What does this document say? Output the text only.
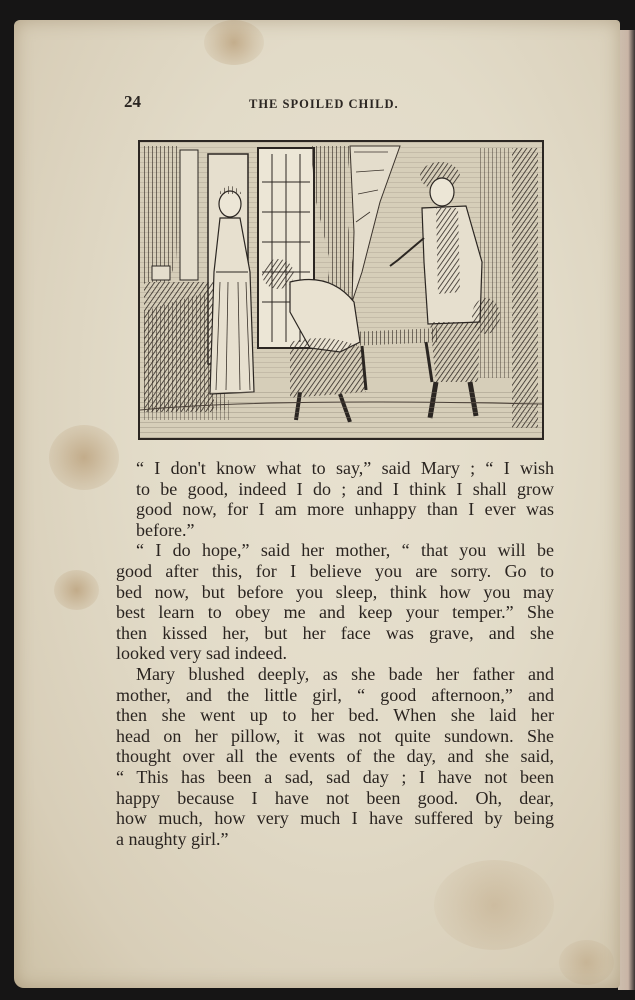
24	THE SPOILED CHILD.

“ I don't know what to say,” said Mary ; “ I wish
to be good, indeed I do ; and I think I shall grow
good now, for I am more unhappy than I ever was
before.”

“ I do hope,” said her mother, “ that you will be
good after this, for I believe you are sorry. Go to
bed now, but before you sleep, think how you may
best learn to obey me and keep your temper.” She
then kissed her, but her face was grave, and she
looked very sad indeed.

Mary blushed deeply, as she bade her father and
mother, and the little girl, “ good afternoon,” and
then she went up to her bed. When she laid her
head on her pillow, it was not quite sundown. She
thought over all the events of the day, and she said,
“ This has been a sad, sad day ; I have not been
happy because I have not been good. Oh, dear,
how much, how very much I have suffered by being
a naughty girl.”
